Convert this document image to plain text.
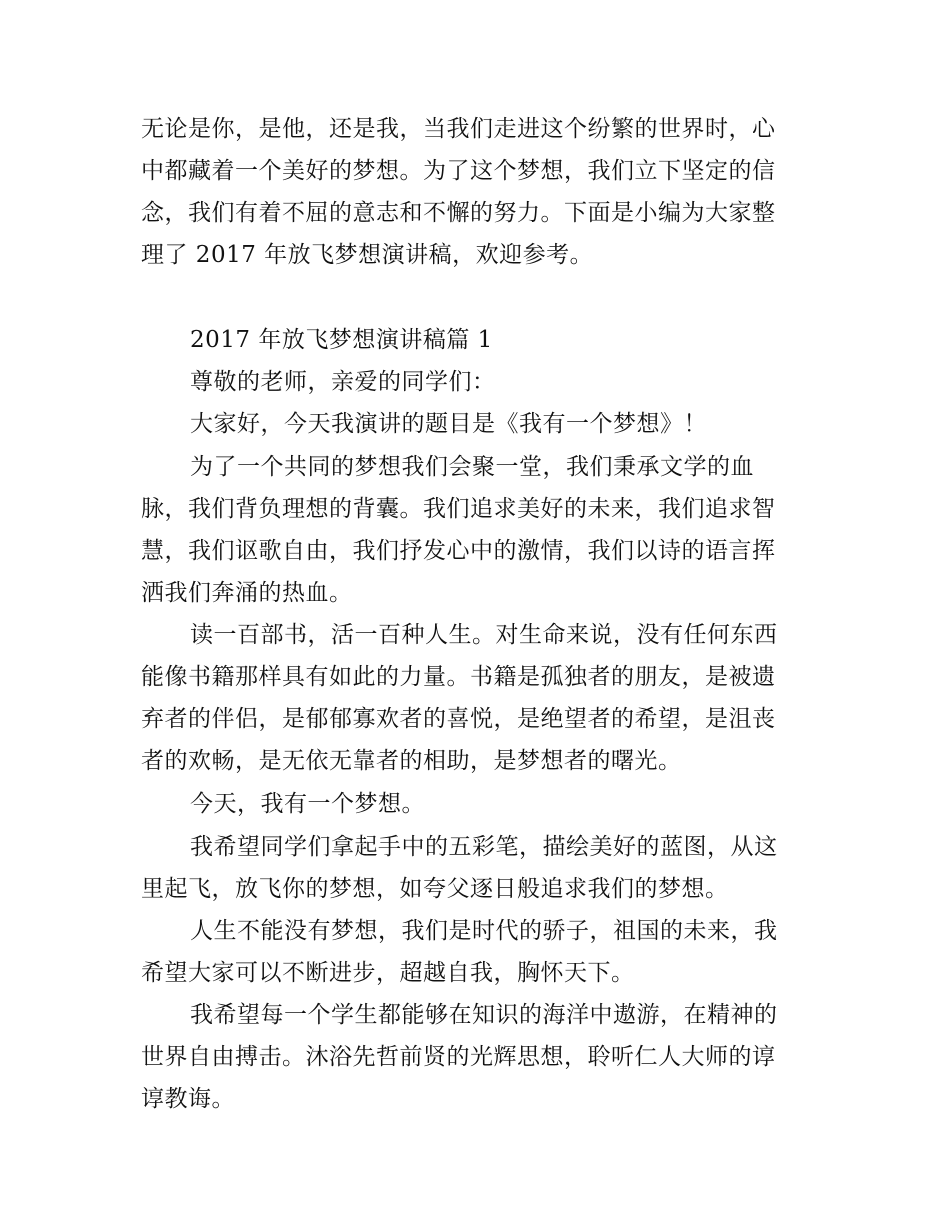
无论是你，是他，还是我，当我们走进这个纷繁的世界时，心
中都藏着一个美好的梦想。为了这个梦想，我们立下坚定的信
念，我们有着不屈的意志和不懈的努力。下面是小编为大家整
理了 2017 年放飞梦想演讲稿，欢迎参考。
2017 年放飞梦想演讲稿篇 1
尊敬的老师，亲爱的同学们：
大家好，今天我演讲的题目是《我有一个梦想》！
为了一个共同的梦想我们会聚一堂，我们秉承文学的血
脉，我们背负理想的背囊。我们追求美好的未来，我们追求智
慧，我们讴歌自由，我们抒发心中的激情，我们以诗的语言挥
洒我们奔涌的热血。
读一百部书，活一百种人生。对生命来说，没有任何东西
能像书籍那样具有如此的力量。书籍是孤独者的朋友，是被遗
弃者的伴侣，是郁郁寡欢者的喜悦，是绝望者的希望，是沮丧
者的欢畅，是无依无靠者的相助，是梦想者的曙光。
今天，我有一个梦想。
我希望同学们拿起手中的五彩笔，描绘美好的蓝图，从这
里起飞，放飞你的梦想，如夸父逐日般追求我们的梦想。
人生不能没有梦想，我们是时代的骄子，祖国的未来，我
希望大家可以不断进步，超越自我，胸怀天下。
我希望每一个学生都能够在知识的海洋中遨游，在精神的
世界自由搏击。沐浴先哲前贤的光辉思想，聆听仁人大师的谆
谆教诲。
